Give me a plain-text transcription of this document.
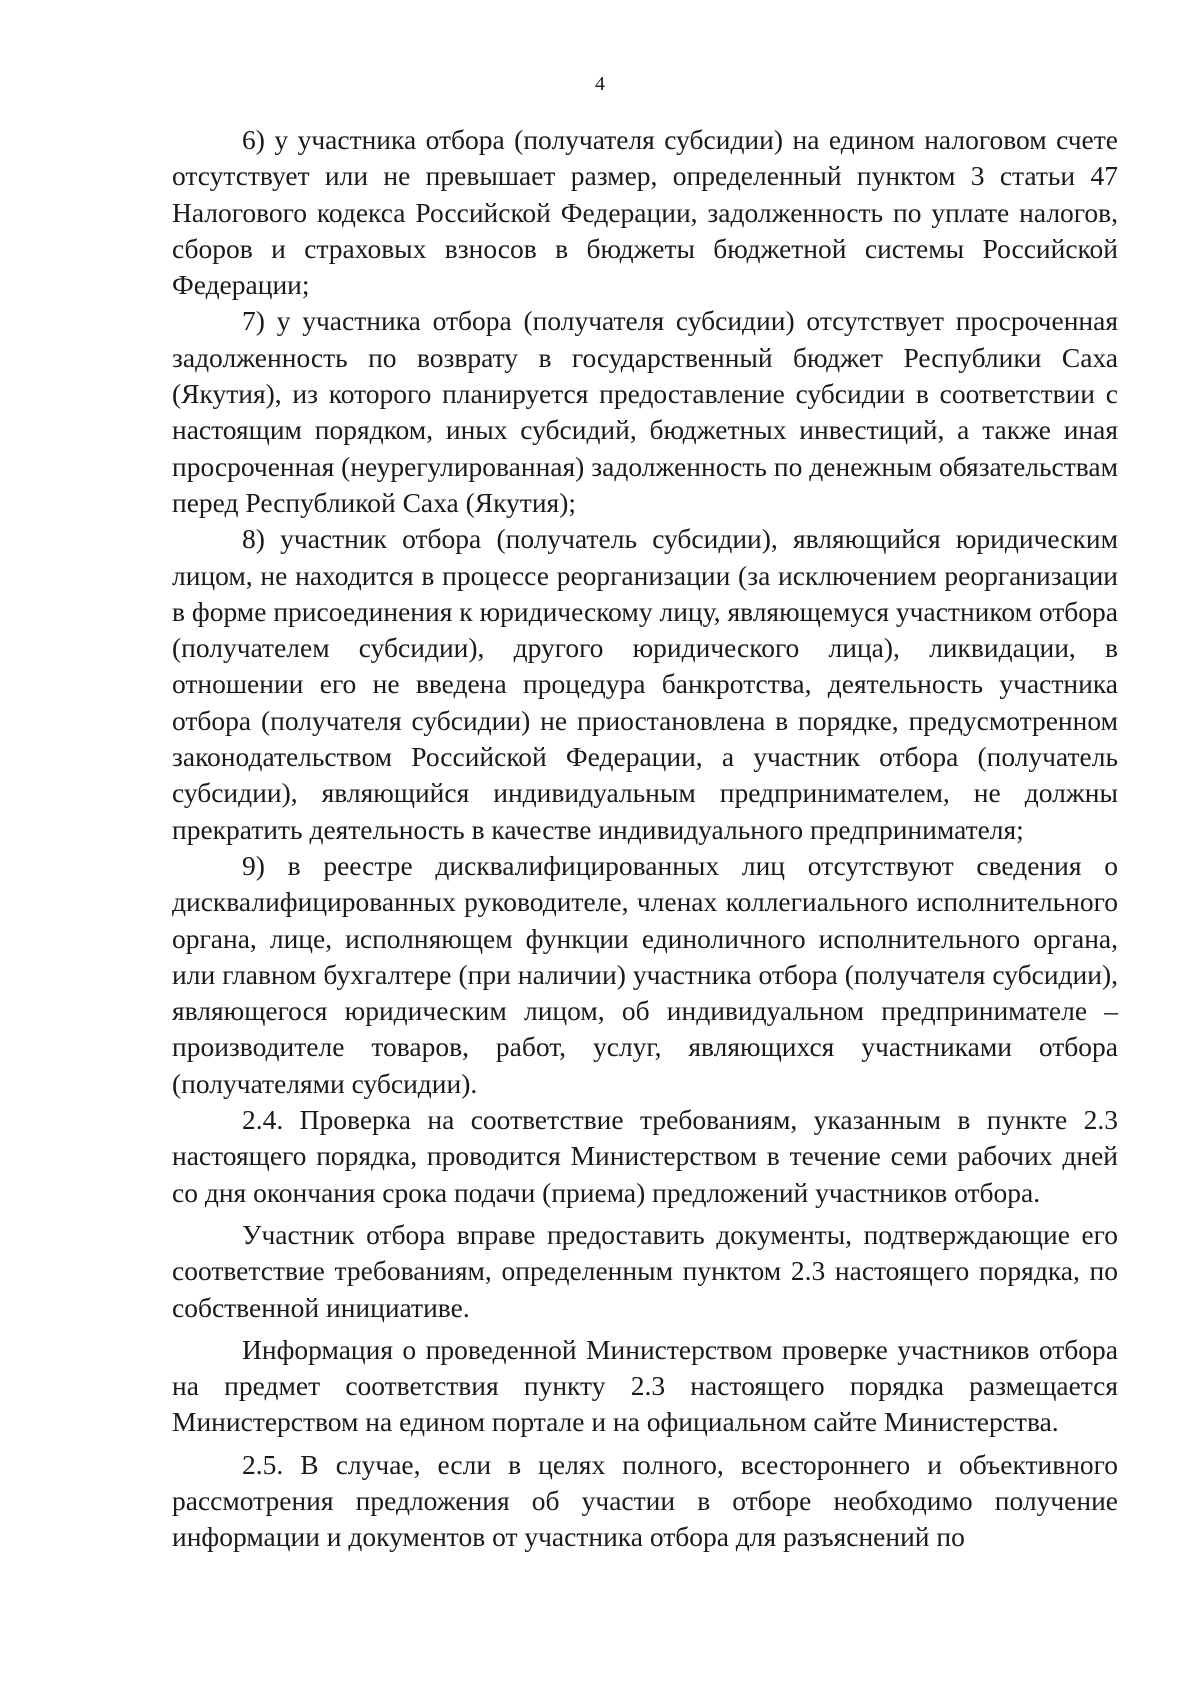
4

6) у участника отбора (получателя субсидии) на едином налоговом счете отсутствует или не превышает размер, определенный пунктом 3 статьи 47 Налогового кодекса Российской Федерации, задолженность по уплате налогов, сборов и страховых взносов в бюджеты бюджетной системы Российской Федерации;

7) у участника отбора (получателя субсидии) отсутствует просроченная задолженность по возврату в государственный бюджет Республики Саха (Якутия), из которого планируется предоставление субсидии в соответствии с настоящим порядком, иных субсидий, бюджетных инвестиций, а также иная просроченная (неурегулированная) задолженность по денежным обязательствам перед Республикой Саха (Якутия);

8) участник отбора (получатель субсидии), являющийся юридическим лицом, не находится в процессе реорганизации (за исключением реорганизации в форме присоединения к юридическому лицу, являющемуся участником отбора (получателем субсидии), другого юридического лица), ликвидации, в отношении его не введена процедура банкротства, деятельность участника отбора (получателя субсидии) не приостановлена в порядке, предусмотренном законодательством Российской Федерации, а участник отбора (получатель субсидии), являющийся индивидуальным предпринимателем, не должны прекратить деятельность в качестве индивидуального предпринимателя;

9) в реестре дисквалифицированных лиц отсутствуют сведения о дисквалифицированных руководителе, членах коллегиального исполнительного органа, лице, исполняющем функции единоличного исполнительного органа, или главном бухгалтере (при наличии) участника отбора (получателя субсидии), являющегося юридическим лицом, об индивидуальном предпринимателе – производителе товаров, работ, услуг, являющихся участниками отбора (получателями субсидии).

2.4. Проверка на соответствие требованиям, указанным в пункте 2.3 настоящего порядка, проводится Министерством в течение семи рабочих дней со дня окончания срока подачи (приема) предложений участников отбора.

Участник отбора вправе предоставить документы, подтверждающие его соответствие требованиям, определенным пунктом 2.3 настоящего порядка, по собственной инициативе.

Информация о проведенной Министерством проверке участников отбора на предмет соответствия пункту 2.3 настоящего порядка размещается Министерством на едином портале и на официальном сайте Министерства.

2.5. В случае, если в целях полного, всестороннего и объективного рассмотрения предложения об участии в отборе необходимо получение информации и документов от участника отбора для разъяснений по
